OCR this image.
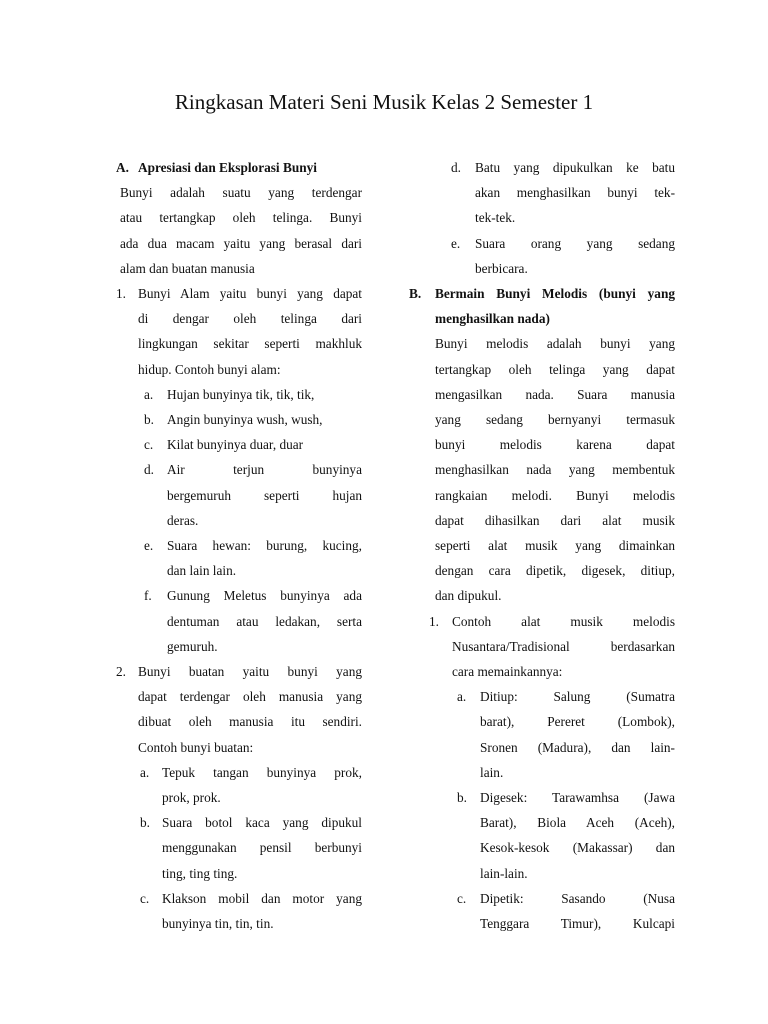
Ringkasan Materi Seni Musik Kelas 2 Semester 1
A. Apresiasi dan Eksplorasi Bunyi
Bunyi adalah suatu yang terdengar
atau tertangkap oleh telinga. Bunyi
ada dua macam yaitu yang berasal dari
alam dan buatan manusia
1. Bunyi Alam yaitu bunyi yang dapat
di dengar oleh telinga dari
lingkungan sekitar seperti makhluk
hidup. Contoh bunyi alam:
a. Hujan bunyinya tik, tik, tik,
b. Angin bunyinya wush, wush,
c. Kilat bunyinya duar, duar
d. Air terjun bunyinya
bergemuruh seperti hujan
deras.
e. Suara hewan: burung, kucing,
dan lain lain.
f. Gunung Meletus bunyinya ada
dentuman atau ledakan, serta
gemuruh.
2. Bunyi buatan yaitu bunyi yang
dapat terdengar oleh manusia yang
dibuat oleh manusia itu sendiri.
Contoh bunyi buatan:
a. Tepuk tangan bunyinya prok,
prok, prok.
b. Suara botol kaca yang dipukul
menggunakan pensil berbunyi
ting, ting ting.
c. Klakson mobil dan motor yang
bunyinya tin, tin, tin.
d. Batu yang dipukulkan ke batu
akan menghasilkan bunyi tek-
tek-tek.
e. Suara orang yang sedang
berbicara.
B. Bermain Bunyi Melodis (bunyi yang
menghasilkan nada)
Bunyi melodis adalah bunyi yang
tertangkap oleh telinga yang dapat
mengasilkan nada. Suara manusia
yang sedang bernyanyi termasuk
bunyi melodis karena dapat
menghasilkan nada yang membentuk
rangkaian melodi. Bunyi melodis
dapat dihasilkan dari alat musik
seperti alat musik yang dimainkan
dengan cara dipetik, digesek, ditiup,
dan dipukul.
1. Contoh alat musik melodis
Nusantara/Tradisional berdasarkan
cara memainkannya:
a. Ditiup: Salung (Sumatra
barat), Pereret (Lombok),
Sronen (Madura), dan lain-
lain.
b. Digesek: Tarawamhsa (Jawa
Barat), Biola Aceh (Aceh),
Kesok-kesok (Makassar) dan
lain-lain.
c. Dipetik: Sasando (Nusa
Tenggara Timur), Kulcapi
